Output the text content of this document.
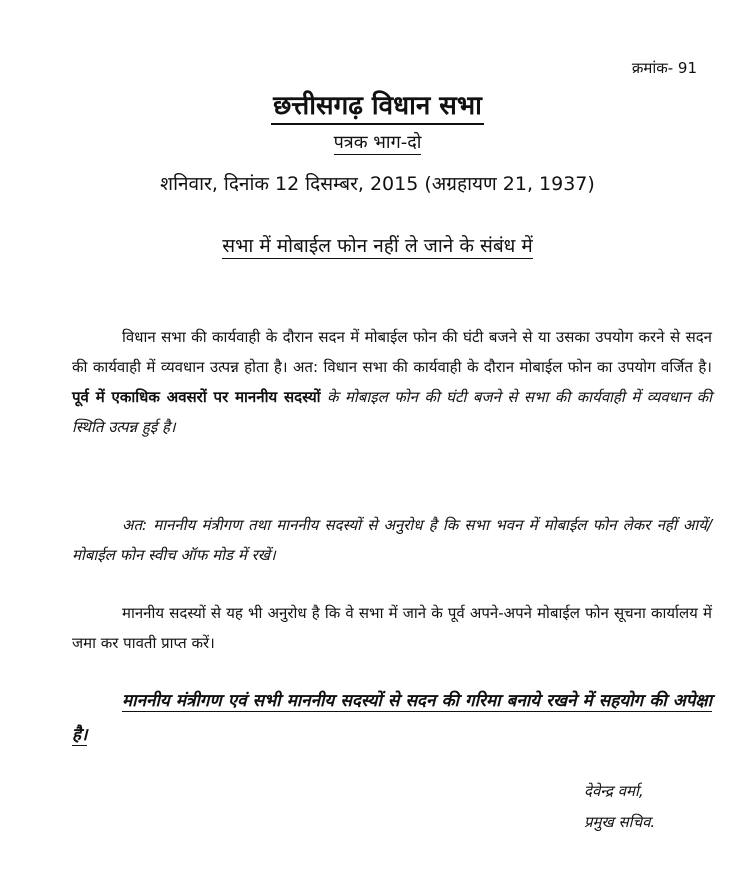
क्रमांक- 91
छत्तीसगढ़ विधान सभा
पत्रक भाग-दो
शनिवार, दिनांक 12 दिसम्बर, 2015 (अग्रहायण 21, 1937)
सभा में मोबाईल फोन नहीं ले जाने के संबंध में
विधान सभा की कार्यवाही के दौरान सदन में मोबाईल फोन की घंटी बजने से या उसका उपयोग करने से सदन की कार्यवाही में व्यवधान उत्पन्न होता है। अत: विधान सभा की कार्यवाही के दौरान मोबाईल फोन का उपयोग वर्जित है। पूर्व में एकाधिक अवसरों पर माननीय सदस्यों के मोबाइल फोन की घंटी बजने से सभा की कार्यवाही में व्यवधान की स्थिति उत्पन्न हुई है।
अत: माननीय मंत्रीगण तथा माननीय सदस्यों से अनुरोध है कि सभा भवन में मोबाईल फोन लेकर नहीं आयें/मोबाईल फोन स्वीच ऑफ मोड में रखें।
माननीय सदस्यों से यह भी अनुरोध है कि वे सभा में जाने के पूर्व अपने-अपने मोबाईल फोन सूचना कार्यालय में जमा कर पावती प्राप्त करें।
माननीय मंत्रीगण एवं सभी माननीय सदस्यों से सदन की गरिमा बनाये रखने में सहयोग की अपेक्षा है।
देवेन्द्र वर्मा,
प्रमुख सचिव.
